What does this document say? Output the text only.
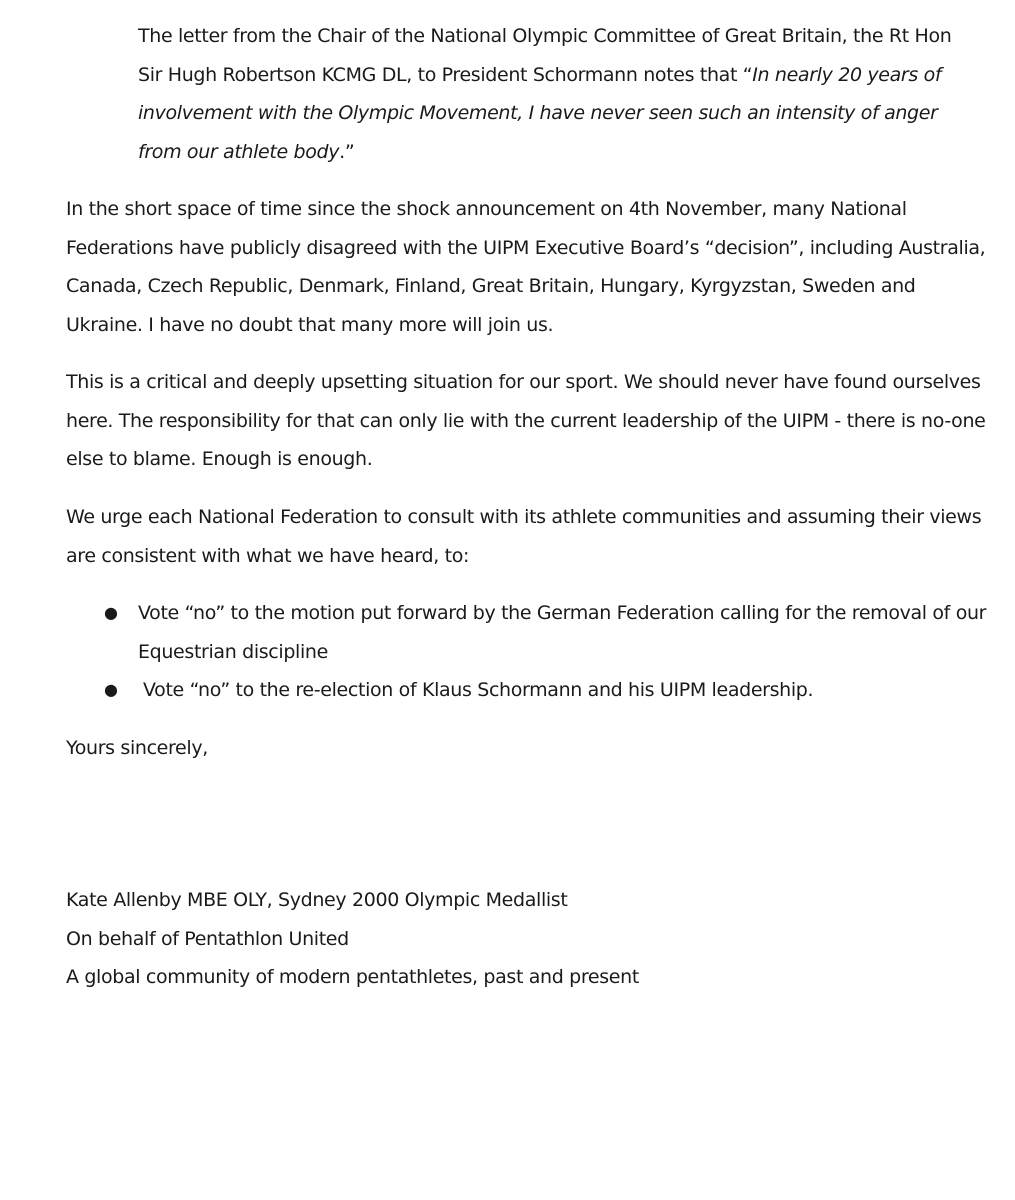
The letter from the Chair of the National Olympic Committee of Great Britain, the Rt Hon Sir Hugh Robertson KCMG DL, to President Schormann notes that “In nearly 20 years of involvement with the Olympic Movement, I have never seen such an intensity of anger from our athlete body.”

In the short space of time since the shock announcement on 4th November, many National Federations have publicly disagreed with the UIPM Executive Board’s “decision”, including Australia, Canada, Czech Republic, Denmark, Finland, Great Britain, Hungary, Kyrgyzstan, Sweden and Ukraine. I have no doubt that many more will join us.

This is a critical and deeply upsetting situation for our sport. We should never have found ourselves here. The responsibility for that can only lie with the current leadership of the UIPM - there is no-one else to blame. Enough is enough.

We urge each National Federation to consult with its athlete communities and assuming their views are consistent with what we have heard, to:

● Vote “no” to the motion put forward by the German Federation calling for the removal of our Equestrian discipline
● Vote “no” to the re-election of Klaus Schormann and his UIPM leadership.

Yours sincerely,

Kate Allenby MBE OLY, Sydney 2000 Olympic Medallist
On behalf of Pentathlon United
A global community of modern pentathletes, past and present
